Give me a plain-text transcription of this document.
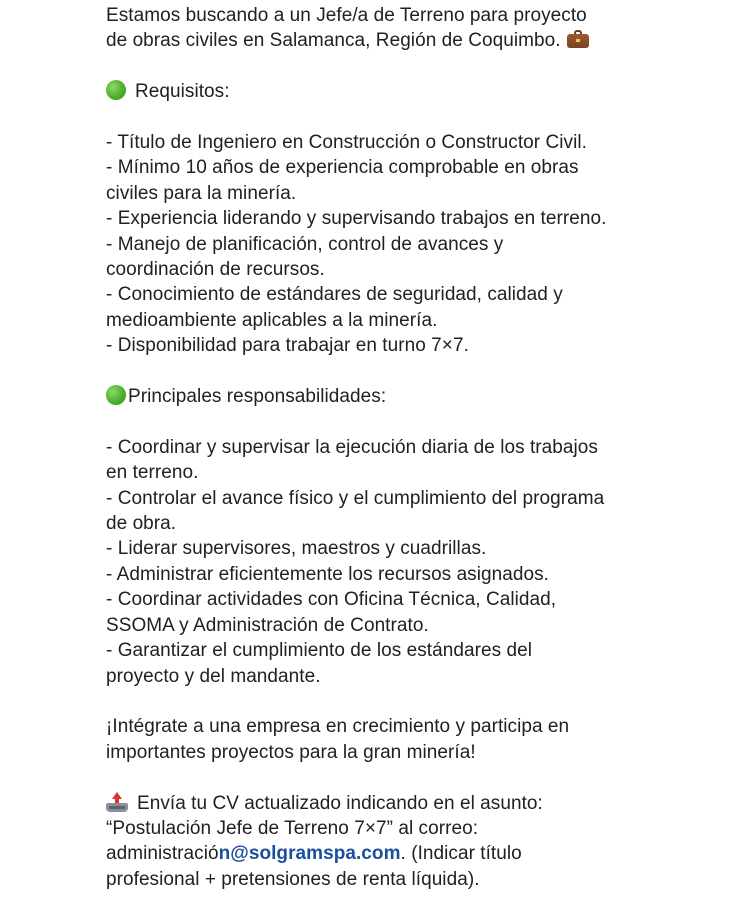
Estamos buscando a un Jefe/a de Terreno para proyecto
de obras civiles en Salamanca, Región de Coquimbo.
Requisitos:
- Título de Ingeniero en Construcción o Constructor Civil.
- Mínimo 10 años de experiencia comprobable en obras
civiles para la minería.
- Experiencia liderando y supervisando trabajos en terreno.
- Manejo de planificación, control de avances y
coordinación de recursos.
- Conocimiento de estándares de seguridad, calidad y
medioambiente aplicables a la minería.
- Disponibilidad para trabajar en turno 7×7.
Principales responsabilidades:
- Coordinar y supervisar la ejecución diaria de los trabajos
en terreno.
- Controlar el avance físico y el cumplimiento del programa
de obra.
- Liderar supervisores, maestros y cuadrillas.
- Administrar eficientemente los recursos asignados.
- Coordinar actividades con Oficina Técnica, Calidad,
SSOMA y Administración de Contrato.
- Garantizar el cumplimiento de los estándares del
proyecto y del mandante.
¡Intégrate a una empresa en crecimiento y participa en
importantes proyectos para la gran minería!
Envía tu CV actualizado indicando en el asunto:
“Postulación Jefe de Terreno 7×7” al correo:
administración@solgramspa.com. (Indicar título
profesional + pretensiones de renta líquida).
